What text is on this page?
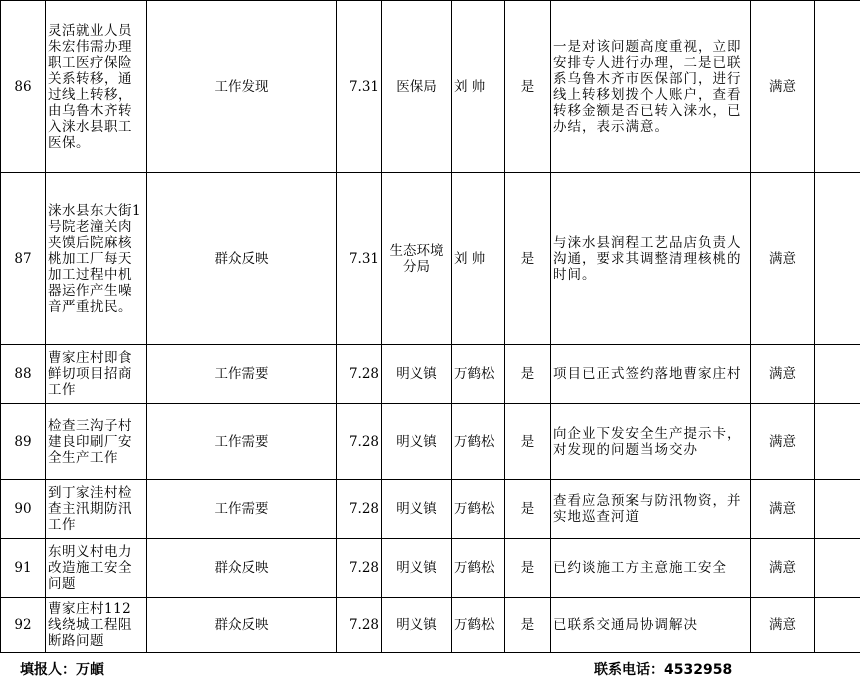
86	灵活就业人员朱宏伟需办理职工医疗保险关系转移，通过线上转移，由乌鲁木齐转入涞水县职工医保。	工作发现	7.31	医保局	刘 帅	是	一是对该问题高度重视，立即安排专人进行办理，二是已联系乌鲁木齐市医保部门，进行线上转移划拨个人账户，查看转移金额是否已转入涞水，已办结，表示满意。	满意	
87	涞水县东大街1号院老潼关肉夹馍后院麻核桃加工厂每天加工过程中机器运作产生噪音严重扰民。	群众反映	7.31	生态环境分局	刘 帅	是	与涞水县润程工艺品店负责人沟通，要求其调整清理核桃的时间。	满意	
88	曹家庄村即食鲜切项目招商工作	工作需要	7.28	明义镇	万鹤松	是	项目已正式签约落地曹家庄村	满意	
89	检查三沟子村建良印刷厂安全生产工作	工作需要	7.28	明义镇	万鹤松	是	向企业下发安全生产提示卡，对发现的问题当场交办	满意	
90	到丁家洼村检查主汛期防汛工作	工作需要	7.28	明义镇	万鹤松	是	查看应急预案与防汛物资，并实地巡查河道	满意	
91	东明义村电力改造施工安全问题	群众反映	7.28	明义镇	万鹤松	是	已约谈施工方主意施工安全	满意	
92	曹家庄村112线绕城工程阻断路问题	群众反映	7.28	明义镇	万鹤松	是	已联系交通局协调解决	满意	
填报人：万頔	联系电话：4532958
